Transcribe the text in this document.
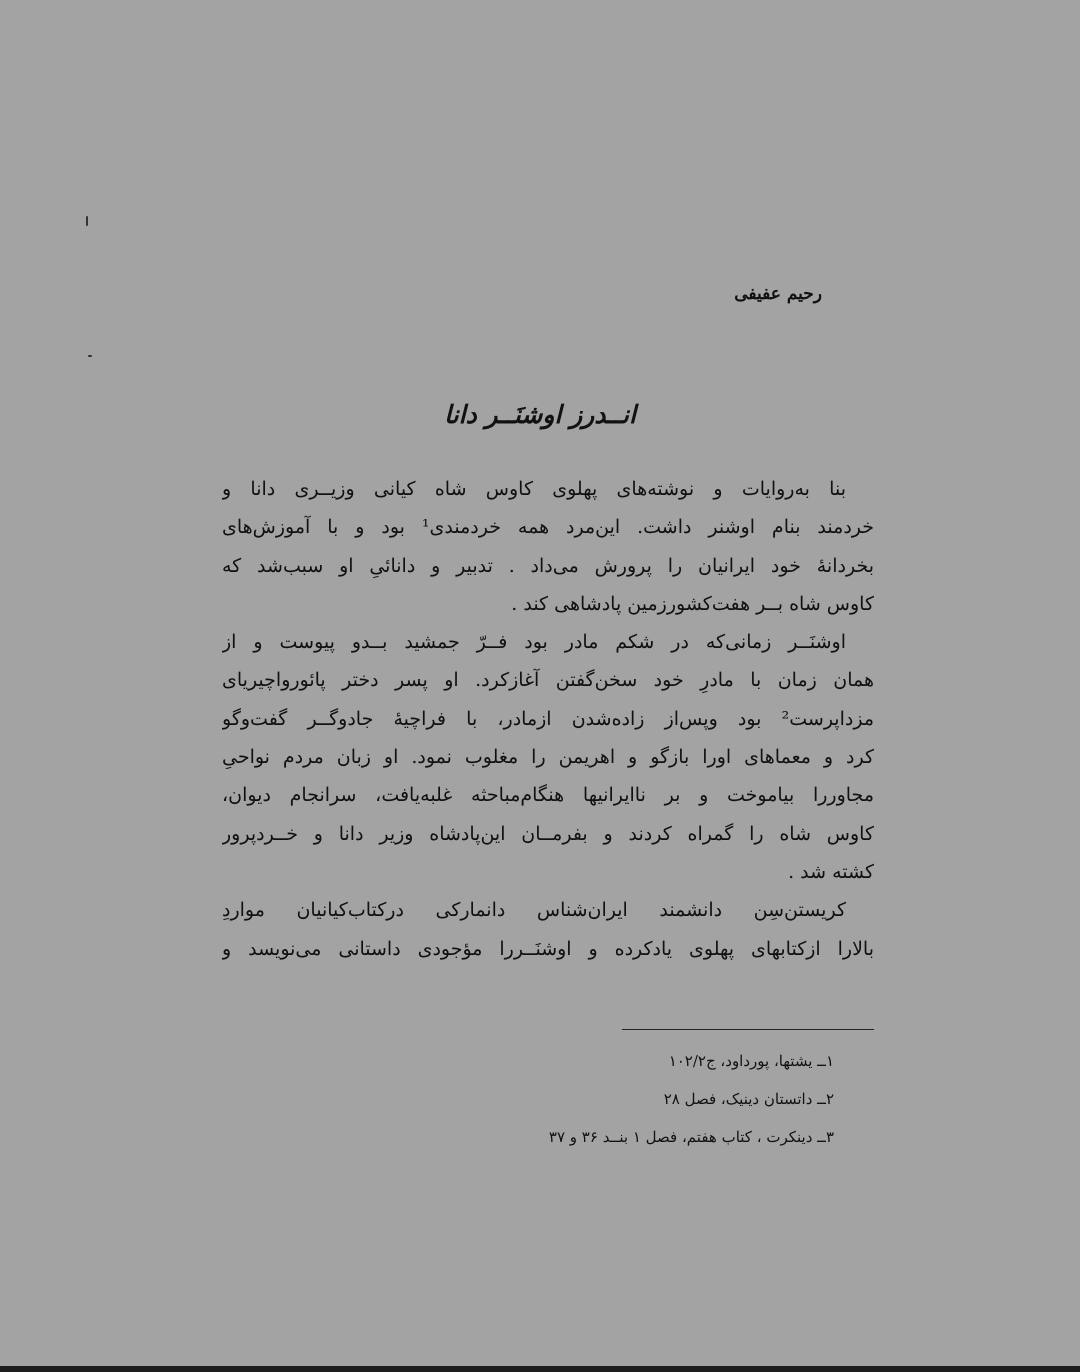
رحیم عفیفی
انــدرز اوشنَــر دانا
بنا به‌روایات و نوشته‌های پهلوی کاوس شاه کیانی وزیــری دانا و
خردمند بنام اوشنر داشت. این‌مرد همه خردمندی¹ بود و با آموزش‌های
بخردانهٔ خود ایرانیان را پرورش می‌داد . تدبیر و دانائیِ او سبب‌شد که
کاوس شاه بــر هفت‌کشورزمین پادشاهی کند .
اوشنَــر زمانی‌که در شکم مادر بود فــرّ جمشید بــدو پیوست و از
همان زمان با مادرِ خود سخن‌گفتن آغازکرد. او پسر دختر پائورواچیریای
مزداپرست² بود وپس‌از زاده‌شدن ازمادر، با فراچیهٔ جادوگــر گفت‌وگو
کرد و معماهای اورا بازگو و اهریمن را مغلوب نمود. او زبان مردم نواحیِ
مجاوررا بیاموخت و بر ناایرانیها هنگام‌مباحثه غلبه‌یافت، سرانجام دیوان،
کاوس شاه را گمراه کردند و بفرمــان این‌پادشاه وزیر دانا و خــردپرور
کشته شد .
کریستن‌سِن دانشمند ایران‌شناس دانمارکی درکتاب‌کیانیان مواردِ
بالارا ازکتابهای پهلوی یادکرده و اوشنَــررا مؤجودی داستانی می‌نویسد و
۱ــ یشتها، پورداود، ج۱۰۲/۲
۲ــ داتستان دینیک، فصل ۲۸
۳ــ دینکرت ، کتاب هفتم، فصل ۱ بنــد ۳۶ و ۳۷
